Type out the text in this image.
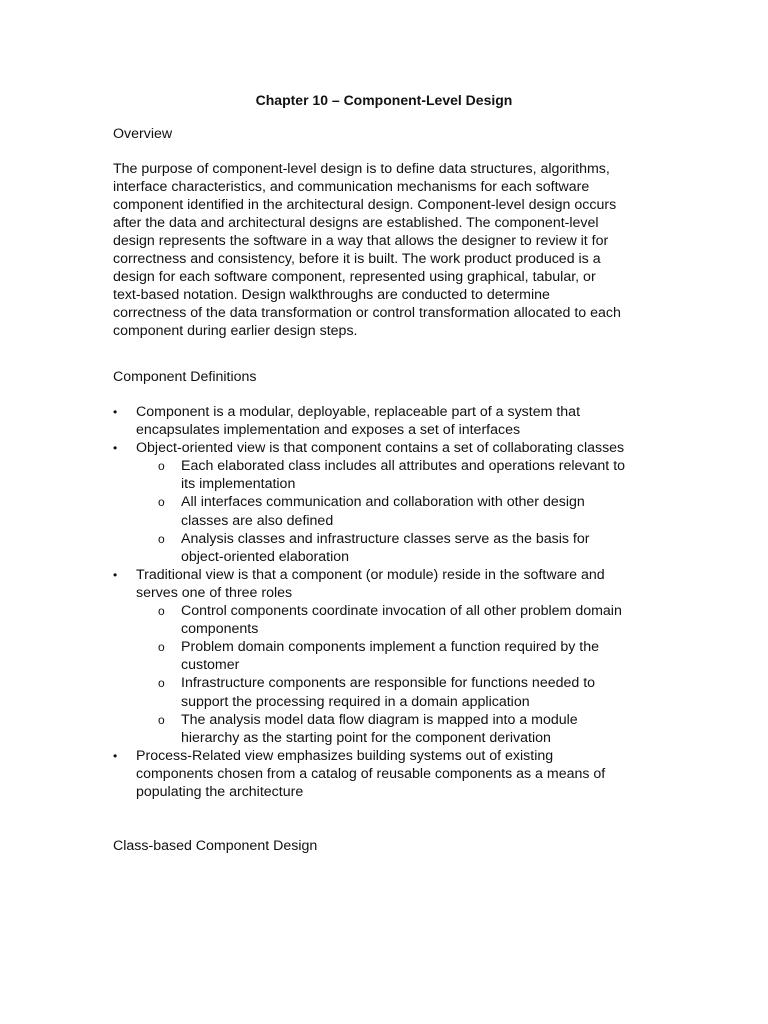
Chapter 10 – Component-Level Design
Overview
The purpose of component-level design is to define data structures, algorithms,
interface characteristics, and communication mechanisms for each software
component identified in the architectural design. Component-level design occurs
after the data and architectural designs are established. The component-level
design represents the software in a way that allows the designer to review it for
correctness and consistency, before it is built. The work product produced is a
design for each software component, represented using graphical, tabular, or
text-based notation. Design walkthroughs are conducted to determine
correctness of the data transformation or control transformation allocated to each
component during earlier design steps.
Component Definitions
•	Component is a modular, deployable, replaceable part of a system that
encapsulates implementation and exposes a set of interfaces
•	Object-oriented view is that component contains a set of collaborating classes
o Each elaborated class includes all attributes and operations relevant to
its implementation
o All interfaces communication and collaboration with other design
classes are also defined
o Analysis classes and infrastructure classes serve as the basis for
object-oriented elaboration
•	Traditional view is that a component (or module) reside in the software and
serves one of three roles
o Control components coordinate invocation of all other problem domain
components
o Problem domain components implement a function required by the
customer
o Infrastructure components are responsible for functions needed to
support the processing required in a domain application
o The analysis model data flow diagram is mapped into a module
hierarchy as the starting point for the component derivation
•	Process-Related view emphasizes building systems out of existing
components chosen from a catalog of reusable components as a means of
populating the architecture
Class-based Component Design
